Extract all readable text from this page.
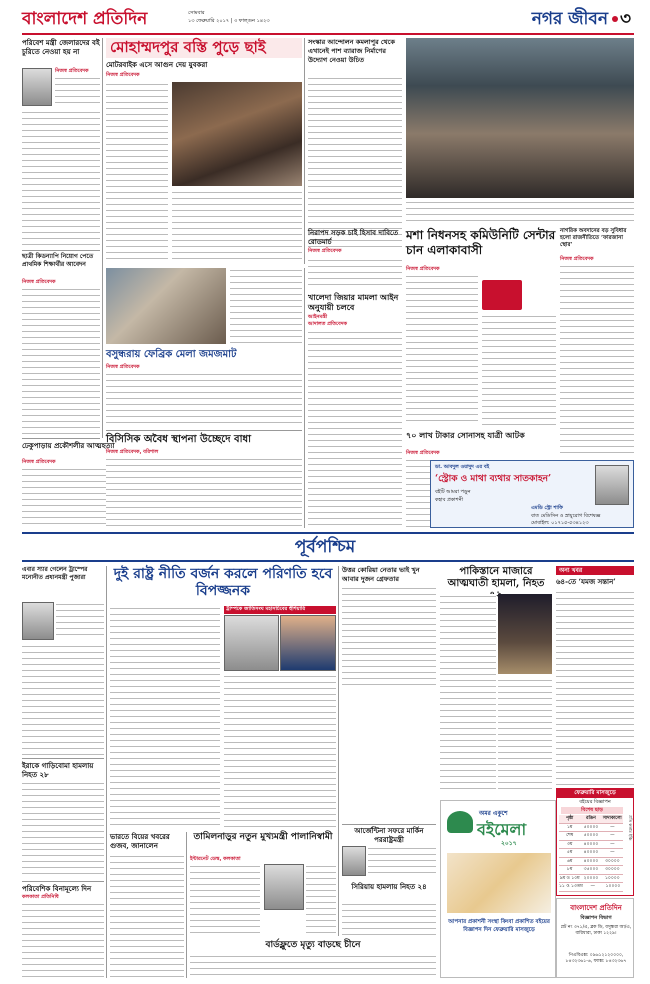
বাংলাদেশ প্রতিদিন	সোমবার
১৩ ফেব্রুয়ারি ২০১৭ | ৩ ফাল্গুন ১৪২৩	নগর জীবন ৩
পরিবেশ মন্ত্রী জেলারদের বই চুরিতে নেওয়া হয় না
নিজস্ব প্রতিবেদক
ছাত্রী কিডন্যাপি নিয়োগ পেতে প্রাথমিক শিক্ষার্থীর আবেদন
নিজস্ব প্রতিবেদক
ঢেকুপাড়ায় প্রকৌশলীর আত্মহত্যা
নিজস্ব প্রতিবেদক
মোহাম্মদপুর বস্তি পুড়ে ছাই
মোটরবাইক এসে আগুন দেয় যুবকরা
নিজস্ব প্রতিবেদক
সংস্কার আন্দোলন কমলাপুর থেকে এখানেই পাশ ব্যারাজ নির্মাণের উদ্যোগ নেওয়া উচিত
বসুন্ধরায় ফেব্রিক মেলা জমজমাট
নিজস্ব প্রতিবেদক
বিসিসিক অবৈধ স্থাপনা উচ্ছেদে বাধা
নিজস্ব প্রতিবেদক, বরিশাল
নিরাপদ সড়ক চাই হিসাব দাবিতে রোডমার্চ
নিজস্ব প্রতিবেদক
খালেদা জিয়ার মামলা আইন অনুযায়ী চলবে
আইনমন্ত্রী
আদালত প্রতিবেদক
মশা নিধনসহ কমিউনিটি সেন্টার চান এলাকাবাসী
নাগরিক অবদানের বড় সুবিধার হলো রাজনীতিতে ‘ফারজানা স্থোর’
নিজস্ব প্রতিবেদক
নিজস্ব প্রতিবেদক
৭০ লাখ টাকার সোনাসহ যাত্রী আটক
নিজস্ব প্রতিবেদক
ডা. আবদুল ওয়াদুদ এর বই
‘স্ট্রোক ও মাথা ব্যথার সাতকাহন’
বইটি আমরা পড়ুন
কহাব প্রকাশনী
এমডি স্ট্রো শাফি
বাত মেডিসিন ও স্নায়ুরোগ বিশেষজ্ঞ
মোবাইল: ০১৭১৫-৫৩৪১২৩
পূর্বপশ্চিম
এবার স্যার গেলেন ট্রাম্পের মনোনীত প্রধানমন্ত্রী পুজারা
ইরাকে গাড়িবোমা হামলায় নিহত ২৮
পরিবেশিক বিনামূল্যে দিন
কলকাতা প্রতিনিধি
দুই রাষ্ট্র নীতি বর্জন করলে পরিণতি হবে বিপজ্জনক
ট্রাম্পকে জাতিসংঘ মহাসচিবের হুঁশিয়ারি
ভারতে বিয়ের খবরের গুজব, জানালেন
তামিলনাড়ুর নতুন মুখ্যমন্ত্রী পালানিস্বামী
ইন্টারনেট ডেস্ক, কলকাতা
বার্ডফ্লুতে মৃত্যু বাড়ছে চীনে
উত্তর কোরিয়া নেতার ভাই খুন আবার দুজন গ্রেফতার
আর্জেন্টিনা সফরে মার্কিন পররাষ্ট্রমন্ত্রী
সিরিয়ায় হামলায় নিহত ২৪
পাকিস্তানে মাজারে আত্মঘাতী হামলা, নিহত
অন্য খবর
৬৪-তে ‘যমজ সন্তান’
অমর একুশে
বইমেলা
২০১৭
আপনার প্রকাশনী সংস্থা কিংবা প্রকাশিত বইয়ের বিজ্ঞাপন দিন ফেব্রুয়ারি মাসজুড়ে
ফেব্রুয়ারি মাসজুড়ে
বইয়ের বিজ্ঞাপন
বিশেষ ছাড়
প্রতি কলাম ইঞ্চি
পৃষ্ঠা	রঙিন	সাদাকালো
১ম	৫০০০০	—
শেষ	৫০০০০	—
৩য়	৪০০০০	—
৫ম	৪০০০০	—
৬ম	৪০০০০	৩০০০০
৮ম	৩৫০০০	৩০০০০
৯ম ও ১০ম ২০০০০	১০০০০
১১ ও ১৩তম	—	১০০০০
বাংলাদেশ প্রতিদিন
বিজ্ঞাপন বিভাগ
প্লট নং ৩৭১/এ, ব্লক ডি, বসুন্ধরা আ/এ, বারিধারা, ঢাকা ১২২৯।
পিএবিএক্স: ০৯৬১২১২০০০০, ৮৪৩২৩৬১-৬, ফ্যাক্স: ৮৪৩২৩৬৭
